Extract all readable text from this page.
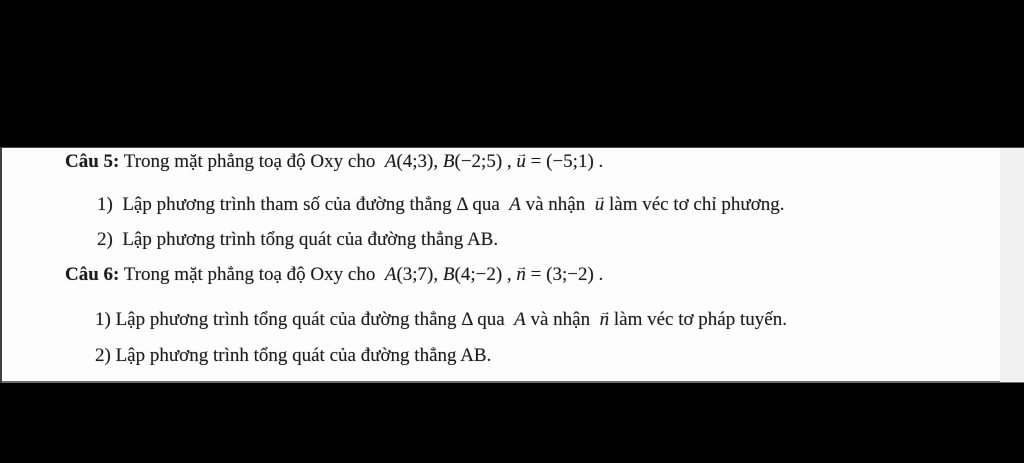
Câu 5: Trong mặt phẳng toạ độ Oxy cho  A(4;3), B(−2;5) , u → = (−5;1) .
1)  Lập phương trình tham số của đường thẳng Δ qua  A và nhận  u → làm véc tơ chỉ phương.
2)  Lập phương trình tổng quát của đường thẳng AB.
Câu 6: Trong mặt phẳng toạ độ Oxy cho  A(3;7), B(4;−2) , n → = (3;−2) .
1) Lập phương trình tổng quát của đường thẳng Δ qua  A và nhận  n → làm véc tơ pháp tuyến.
2) Lập phương trình tổng quát của đường thẳng AB.
